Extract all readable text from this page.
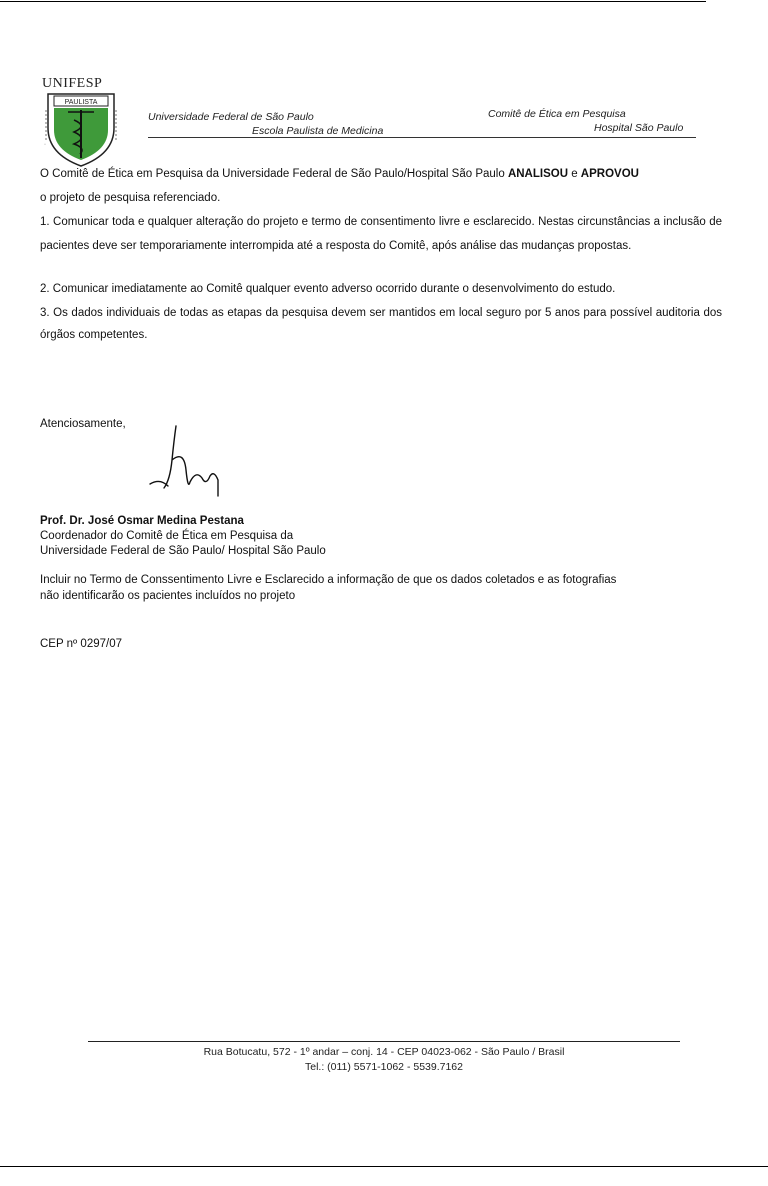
UNIFESP
PAULISTA
·
Universidade Federal de São Paulo
Escola Paulista de Medicina
Comitê de Ética em Pesquisa
Hospital São Paulo
O Comitê de Ética em Pesquisa da Universidade Federal de São Paulo/Hospital São Paulo ANALISOU e APROVOU
o projeto de pesquisa referenciado.
1. Comunicar toda e qualquer alteração do projeto e termo de consentimento livre e esclarecido. Nestas circunstâncias a inclusão de pacientes deve ser temporariamente interrompida até a resposta do Comitê, após análise das mudanças propostas.
2. Comunicar imediatamente ao Comitê qualquer evento adverso ocorrido durante o desenvolvimento do estudo.
3. Os dados individuais de todas as etapas da pesquisa devem ser mantidos em local seguro por 5 anos para possível auditoria dos órgãos competentes.
Atenciosamente,
Prof. Dr. José Osmar Medina Pestana
Coordenador do Comitê de Ética em Pesquisa da
Universidade Federal de São Paulo/ Hospital São Paulo
Incluir no Termo de Conssentimento Livre e Esclarecido a informação de que os dados coletados e as fotografias
não identificarão os pacientes incluídos no projeto
CEP nº 0297/07
Rua Botucatu, 572 - 1º andar – conj. 14 - CEP 04023-062 - São Paulo / Brasil
Tel.: (011) 5571-1062 - 5539.7162
